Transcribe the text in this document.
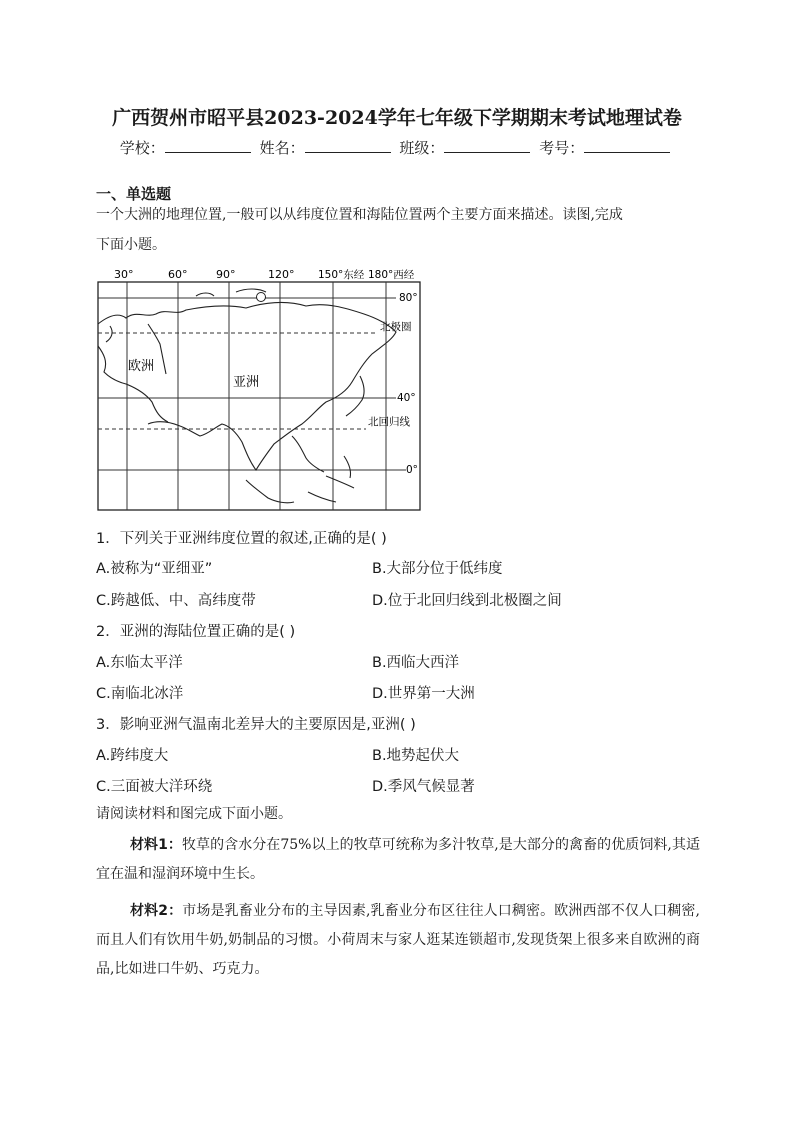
广西贺州市昭平县2023-2024学年七年级下学期期末考试地理试卷
学校：	姓名：	班级：	考号：
一、单选题
一个大洲的地理位置,一般可以从纬度位置和海陆位置两个主要方面来描述。读图,完成
下面小题。
30°	60°	90°	120° 150°东经 180°西经
80°
北极圈
40°
北回归线
0°
欧洲
亚洲
1．下列关于亚洲纬度位置的叙述,正确的是( )
A.被称为“亚细亚”	B.大部分位于低纬度
C.跨越低、中、高纬度带	D.位于北回归线到北极圈之间
2．亚洲的海陆位置正确的是( )
A.东临太平洋	B.西临大西洋
C.南临北冰洋	D.世界第一大洲
3．影响亚洲气温南北差异大的主要原因是,亚洲( )
A.跨纬度大	B.地势起伏大
C.三面被大洋环绕	D.季风气候显著
请阅读材料和图完成下面小题。
材料1：牧草的含水分在75%以上的牧草可统称为多汁牧草,是大部分的禽畜的优质饲料,其适宜在温和湿润环境中生长。
材料2：市场是乳畜业分布的主导因素,乳畜业分布区往往人口稠密。欧洲西部不仅人口稠密,而且人们有饮用牛奶,奶制品的习惯。小荷周末与家人逛某连锁超市,发现货架上很多来自欧洲的商品,比如进口牛奶、巧克力。
